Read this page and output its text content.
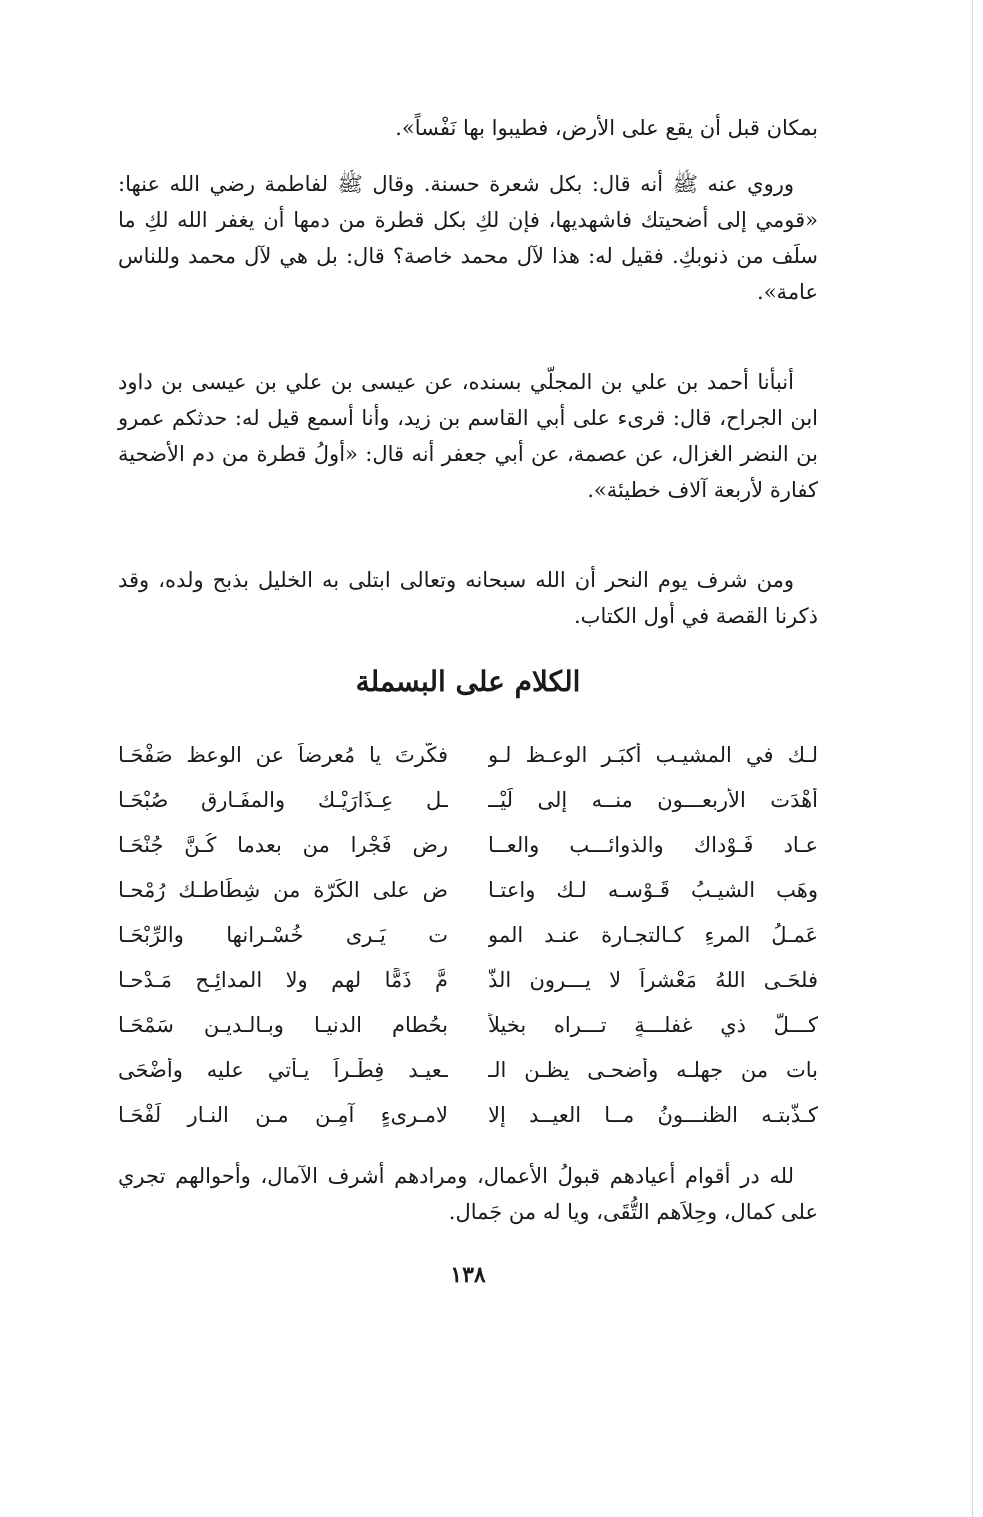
بمكان قبل أن يقع على الأرض، فطيبوا بها نَفْساً».

وروي عنه ﷺ أنه قال: بكل شعرة حسنة. وقال ﷺ لفاطمة رضي الله عنها: «قومي إلى أضحيتك فاشهديها، فإن لكِ بكل قطرة من دمها أن يغفر الله لكِ ما سلَف من ذنوبكِ. فقيل له: هذا لآل محمد خاصة؟ قال: بل هي لآل محمد وللناس عامة».

أنبأنا أحمد بن علي بن المجلّي بسنده، عن عيسى بن علي بن عيسى بن داود ابن الجراح، قال: قرىء على أبي القاسم بن زيد، وأنا أسمع قيل له: حدثكم عمرو بن النضر الغزال، عن عصمة، عن أبي جعفر أنه قال: «أولُ قطرة من دم الأضحية كفارة لأربعة آلاف خطيئة».

ومن شرف يوم النحر أن الله سبحانه وتعالى ابتلى به الخليل بذبح ولده، وقد ذكرنا القصة في أول الكتاب.

الكلام على البسملة
لـك في المشيـب أكبَـر الوعـظ لـو
فكَّرتَ يا مُعرضاً عن الوعظ صَفْحَـا
أهْدَت الأربعـــون منــه إلى لَيْــ
ـل عِـذَارَيْـك والمفَـارق صُبْحَـا
عـاد فَـوْداك والذوائـــب والعــا
رض فَجْرا من بعدما كُـنَّ جُنْحَـا
وهَب الشيـبُ قَـوْسـه لـك واعتـا
ض على الكَرّة من شِطَاطـك رُمْحـا
عَمـلُ المرءِ كـالتجـارة عنـد المو
ت يَـرى خُسْـرانها والرِّبْحَـا
فلحَـى اللهُ مَعْشراً لا يـــرون الذَّ
مَّ ذَمًّا لهم ولا المدائِـح مَـدْحـا
كـــلُّ ذي غفلـــةٍ تـــراه بخيلاً
بحُطام الدنيـا وبـالـديـن سَمْحَـا
بات من جهلـه وأضحـى يظـن الـ
ـعيـد فِطْـراً يـأتي عليه وأضْحَى
كـذَّبتـه الظنـــونُ مــا العيــد إلا
لامـرىءٍ آمِـنٍ مـن النـار لَفْحَـا

لله در أقوام أعيادهم قبولُ الأعمال، ومرادهم أشرف الآمال، وأحوالهم تجري على كمال، وحِلاَهم التُّقَى، ويا له من جَمال.

١٣٨
